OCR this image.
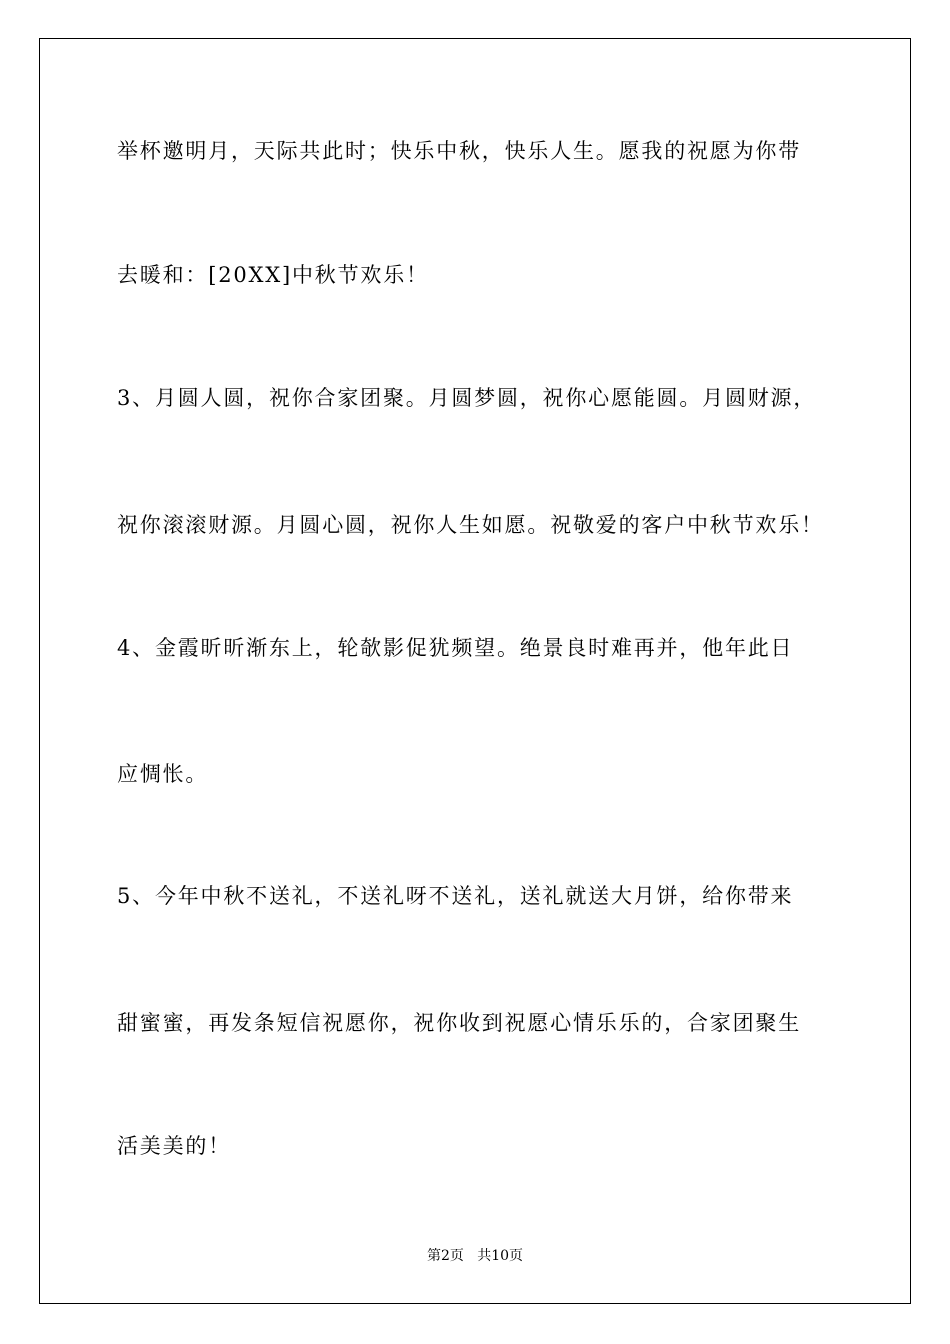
举杯邀明月，天际共此时；快乐中秋，快乐人生。愿我的祝愿为你带
去暖和：[20XX]中秋节欢乐！
3、月圆人圆，祝你合家团聚。月圆梦圆，祝你心愿能圆。月圆财源，
祝你滚滚财源。月圆心圆，祝你人生如愿。祝敬爱的客户中秋节欢乐！
4、金霞昕昕渐东上，轮欹影促犹频望。绝景良时难再并，他年此日
应惆怅。
5、今年中秋不送礼，不送礼呀不送礼，送礼就送大月饼，给你带来
甜蜜蜜，再发条短信祝愿你，祝你收到祝愿心情乐乐的，合家团聚生
活美美的！
第2页   共10页
